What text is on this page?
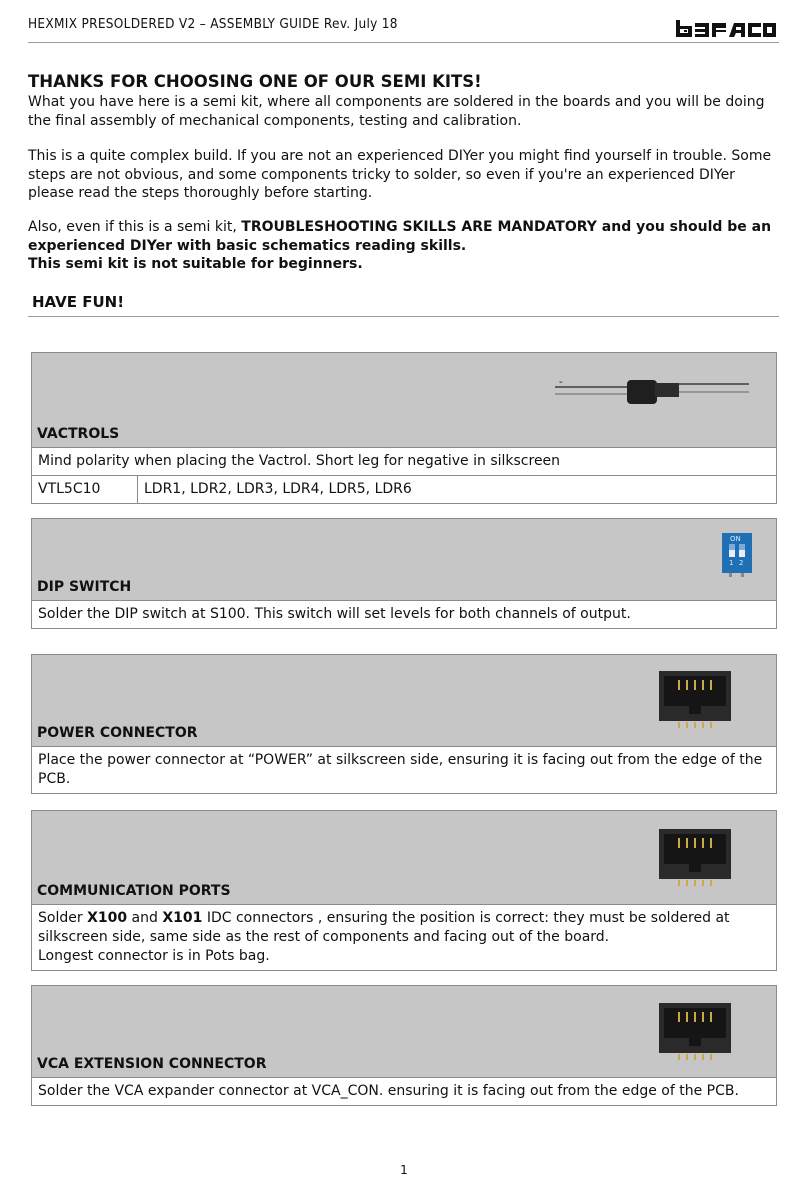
HEXMIX PRESOLDERED V2 – ASSEMBLY GUIDE Rev. July 18
THANKS FOR CHOOSING ONE OF OUR SEMI KITS!
What you have here is a semi kit, where all components are soldered in the boards and you will be doing the final assembly of mechanical components, testing and calibration.
This is a quite complex build. If you are not an experienced DIYer you might find yourself in trouble. Some steps are not obvious, and some components tricky to solder, so even if you're an experienced DIYer please read the steps thoroughly before starting.
Also, even if this is a semi kit, TROUBLESHOOTING SKILLS ARE MANDATORY and you should be an experienced DIYer with basic schematics reading skills.
This semi kit is not suitable for beginners.
HAVE FUN!
-
VACTROLS
Mind polarity when placing the Vactrol. Short leg for negative in silkscreen
VTL5C10	LDR1, LDR2, LDR3, LDR4, LDR5, LDR6
ON
1 2
DIP SWITCH
Solder the DIP switch at S100. This switch will set levels for both channels of output.
POWER CONNECTOR
Place the power connector at “POWER” at silkscreen side, ensuring it is facing out from the edge of the PCB.
COMMUNICATION PORTS
Solder X100 and X101 IDC connectors , ensuring the position is correct: they must be soldered at silkscreen side, same side as the rest of components and facing out of the board.
Longest connector is in Pots bag.
VCA EXTENSION CONNECTOR
Solder the VCA expander connector at VCA_CON. ensuring it is facing out from the edge of the PCB.
1
